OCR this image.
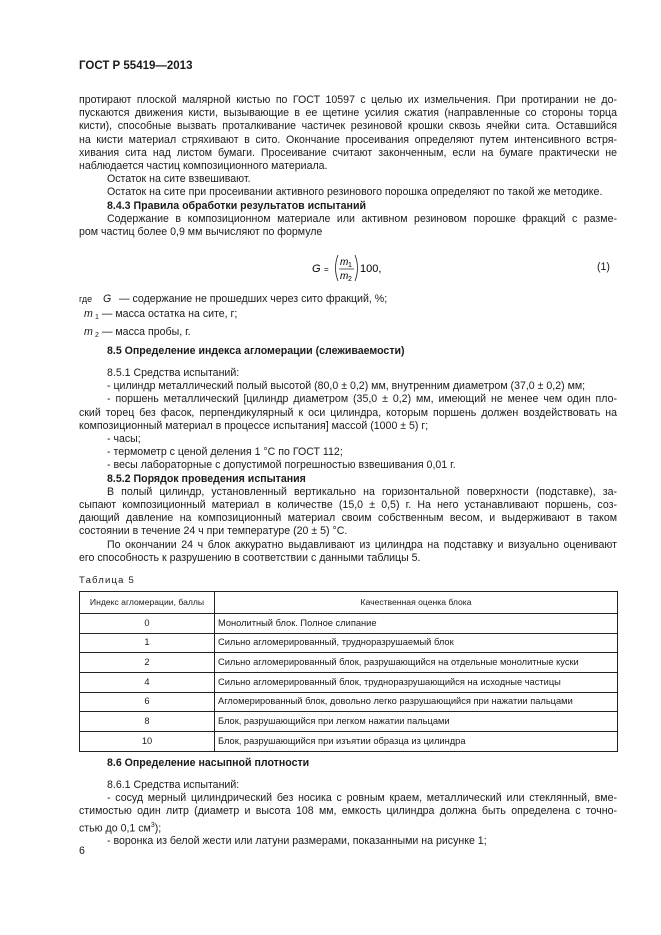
ГОСТ Р 55419—2013
протирают плоской малярной кистью по ГОСТ 10597 с целью их измельчения. При протирании не до-
пускаются движения кисти, вызывающие в ее щетине усилия сжатия (направленные со стороны торца
кисти), способные вызвать проталкивание частичек резиновой крошки сквозь ячейки сита. Оставшийся
на кисти материал стряхивают в сито. Окончание просеивания определяют путем интенсивного встря-
хивания сита над листом бумаги. Просеивание считают законченным, если на бумаге практически не
наблюдается частиц композиционного материала.
Остаток на сите взвешивают.
Остаток на сите при просеивании активного резинового порошка определяют по такой же методике.
8.4.3 Правила обработки результатов испытаний
Содержание в композиционном материале или активном резиновом порошке фракций с разме-
ром частиц более 0,9 мм вычисляют по формуле
G =
m 1
m 2
100,	(1)
где G — содержание не прошедших через сито фракций, %;
m $_1$ — масса остатка на сите, г;
m $_2$ — масса пробы, г.
8.5 Определение индекса агломерации (слеживаемости)
8.5.1 Средства испытаний:
- цилиндр металлический полый высотой (80,0 ± 0,2) мм, внутренним диаметром (37,0 ± 0,2) мм;
- поршень металлический [цилиндр диаметром (35,0 ± 0,2) мм, имеющий не менее чем один пло-
ский торец без фасок, перпендикулярный к оси цилиндра, которым поршень должен воздействовать на
композиционный материал в процессе испытания] массой (1000 ± 5) г;
- часы;
- термометр с ценой деления 1 °С по ГОСТ 112;
- весы лабораторные с допустимой погрешностью взвешивания 0,01 г.
8.5.2 Порядок проведения испытания
В полый цилиндр, установленный вертикально на горизонтальной поверхности (подставке), за-
сыпают композиционный материал в количестве (15,0 ± 0,5) г. На него устанавливают поршень, соз-
дающий давление на композиционный материал своим собственным весом, и выдерживают в таком
состоянии в течение 24 ч при температуре (20 ± 5) °С.
По окончании 24 ч блок аккуратно выдавливают из цилиндра на подставку и визуально оценивают
его способность к разрушению в соответствии с данными таблицы 5.
Таблица 5
Индекс агломерации, баллы	Качественная оценка блока
0	Монолитный блок. Полное слипание
1	Сильно агломерированный, трудноразрушаемый блок
2	Сильно агломерированный блок, разрушающийся на отдельные монолитные куски
4	Сильно агломерированный блок, трудноразрушающийся на исходные частицы
6	Агломерированный блок, довольно легко разрушающийся при нажатии пальцами
8	Блок, разрушающийся при легком нажатии пальцами
10	Блок, разрушающийся при изъятии образца из цилиндра
8.6 Определение насыпной плотности
8.6.1 Средства испытаний:
- сосуд мерный цилиндрический без носика с ровным краем, металлический или стеклянный, вме-
стимостью один литр (диаметр и высота 108 мм, емкость цилиндра должна быть определена с точно-
стью до 0,1 $см^3$);
- воронка из белой жести или латуни размерами, показанными на рисунке 1;
6
